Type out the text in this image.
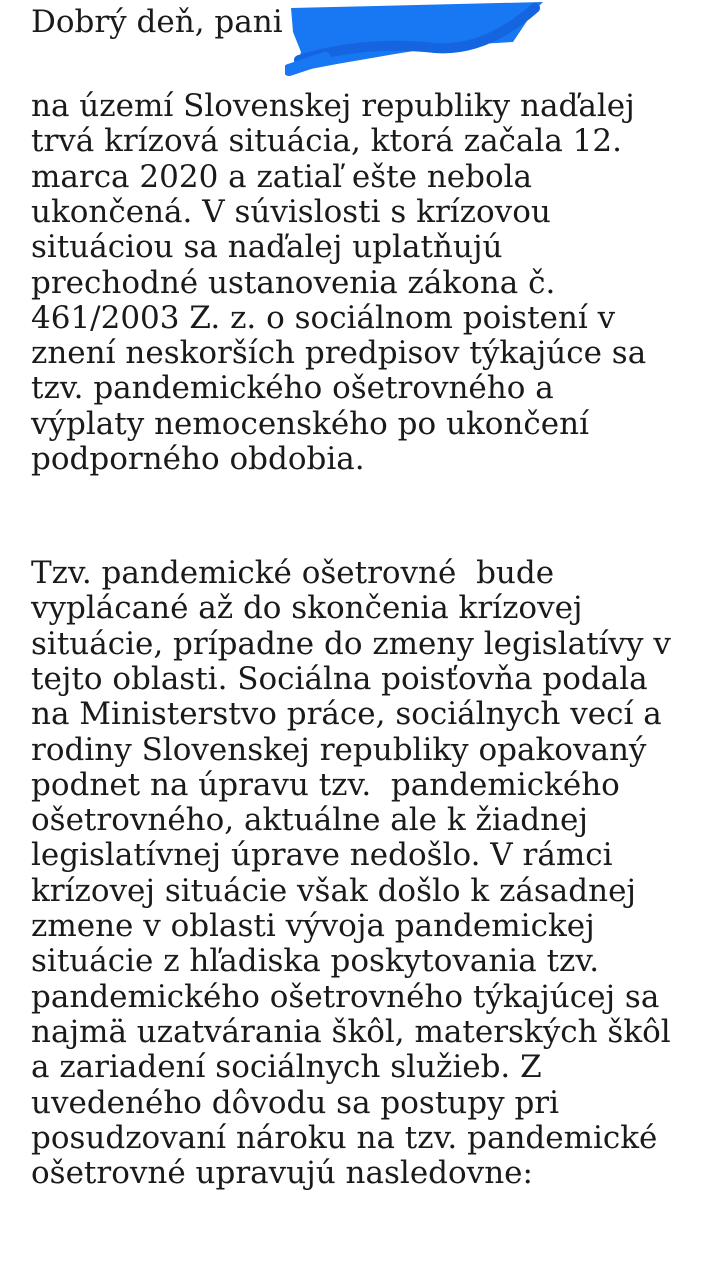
Dobrý deň, pani
na území Slovenskej republiky naďalej
trvá krízová situácia, ktorá začala 12.
marca 2020 a zatiaľ ešte nebola
ukončená. V súvislosti s krízovou
situáciou sa naďalej uplatňujú
prechodné ustanovenia zákona č.
461/2003 Z. z. o sociálnom poistení v
znení neskorších predpisov týkajúce sa
tzv. pandemického ošetrovného a
výplaty nemocenského po ukončení
podporného obdobia.
Tzv. pandemické ošetrovné  bude
vyplácané až do skončenia krízovej
situácie, prípadne do zmeny legislatívy v
tejto oblasti. Sociálna poisťovňa podala
na Ministerstvo práce, sociálnych vecí a
rodiny Slovenskej republiky opakovaný
podnet na úpravu tzv.  pandemického
ošetrovného, aktuálne ale k žiadnej
legislatívnej úprave nedošlo. V rámci
krízovej situácie však došlo k zásadnej
zmene v oblasti vývoja pandemickej
situácie z hľadiska poskytovania tzv.
pandemického ošetrovného týkajúcej sa
najmä uzatvárania škôl, materských škôl
a zariadení sociálnych služieb. Z
uvedeného dôvodu sa postupy pri
posudzovaní nároku na tzv. pandemické
ošetrovné upravujú nasledovne:
